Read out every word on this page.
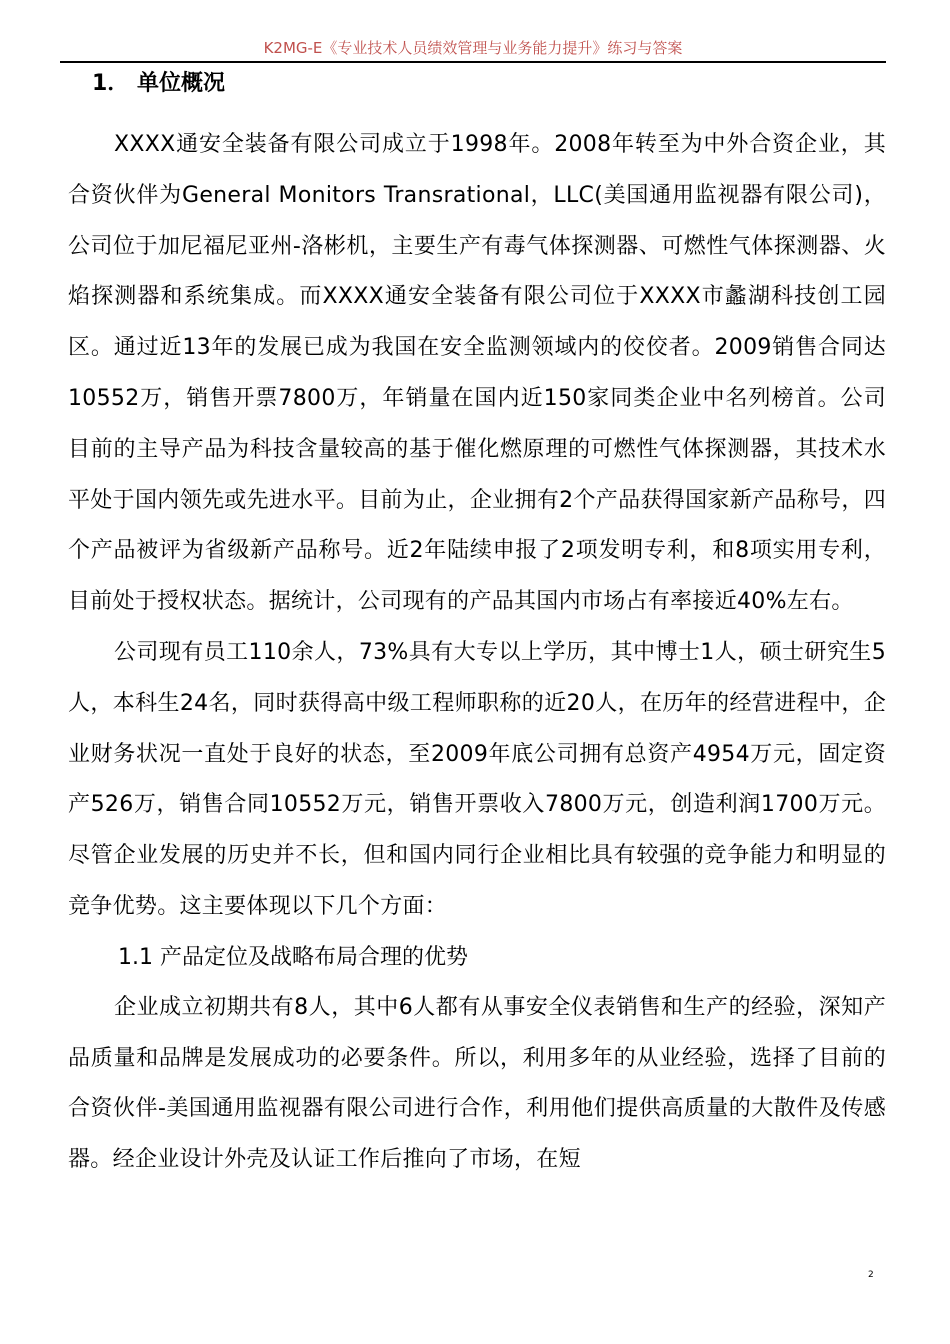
K2MG-E《专业技术人员绩效管理与业务能力提升》练习与答案
1． 单位概况

XXXX通安全装备有限公司成立于1998年。2008年转至为中外合资企业，其合资伙伴为General Monitors Transrational，LLC(美国通用监视器有限公司)，公司位于加尼福尼亚州-洛彬机，主要生产有毒气体探测器、可燃性气体探测器、火焰探测器和系统集成。而XXXX通安全装备有限公司位于XXXX市蠡湖科技创工园区。通过近13年的发展已成为我国在安全监测领域内的佼佼者。2009销售合同达10552万，销售开票7800万，年销量在国内近150家同类企业中名列榜首。公司目前的主导产品为科技含量较高的基于催化燃原理的可燃性气体探测器，其技术水平处于国内领先或先进水平。目前为止，企业拥有2个产品获得国家新产品称号，四个产品被评为省级新产品称号。近2年陆续申报了2项发明专利，和8项实用专利，目前处于授权状态。据统计，公司现有的产品其国内市场占有率接近40%左右。

公司现有员工110余人，73%具有大专以上学历，其中博士1人，硕士研究生5人，本科生24名，同时获得高中级工程师职称的近20人，在历年的经营进程中，企业财务状况一直处于良好的状态，至2009年底公司拥有总资产4954万元，固定资产526万，销售合同10552万元，销售开票收入7800万元，创造利润1700万元。尽管企业发展的历史并不长，但和国内同行企业相比具有较强的竞争能力和明显的竞争优势。这主要体现以下几个方面：

1.1 产品定位及战略布局合理的优势

企业成立初期共有8人，其中6人都有从事安全仪表销售和生产的经验，深知产品质量和品牌是发展成功的必要条件。所以，利用多年的从业经验，选择了目前的合资伙伴-美国通用监视器有限公司进行合作，利用他们提供高质量的大散件及传感器。经企业设计外壳及认证工作后推向了市场，在短

2
